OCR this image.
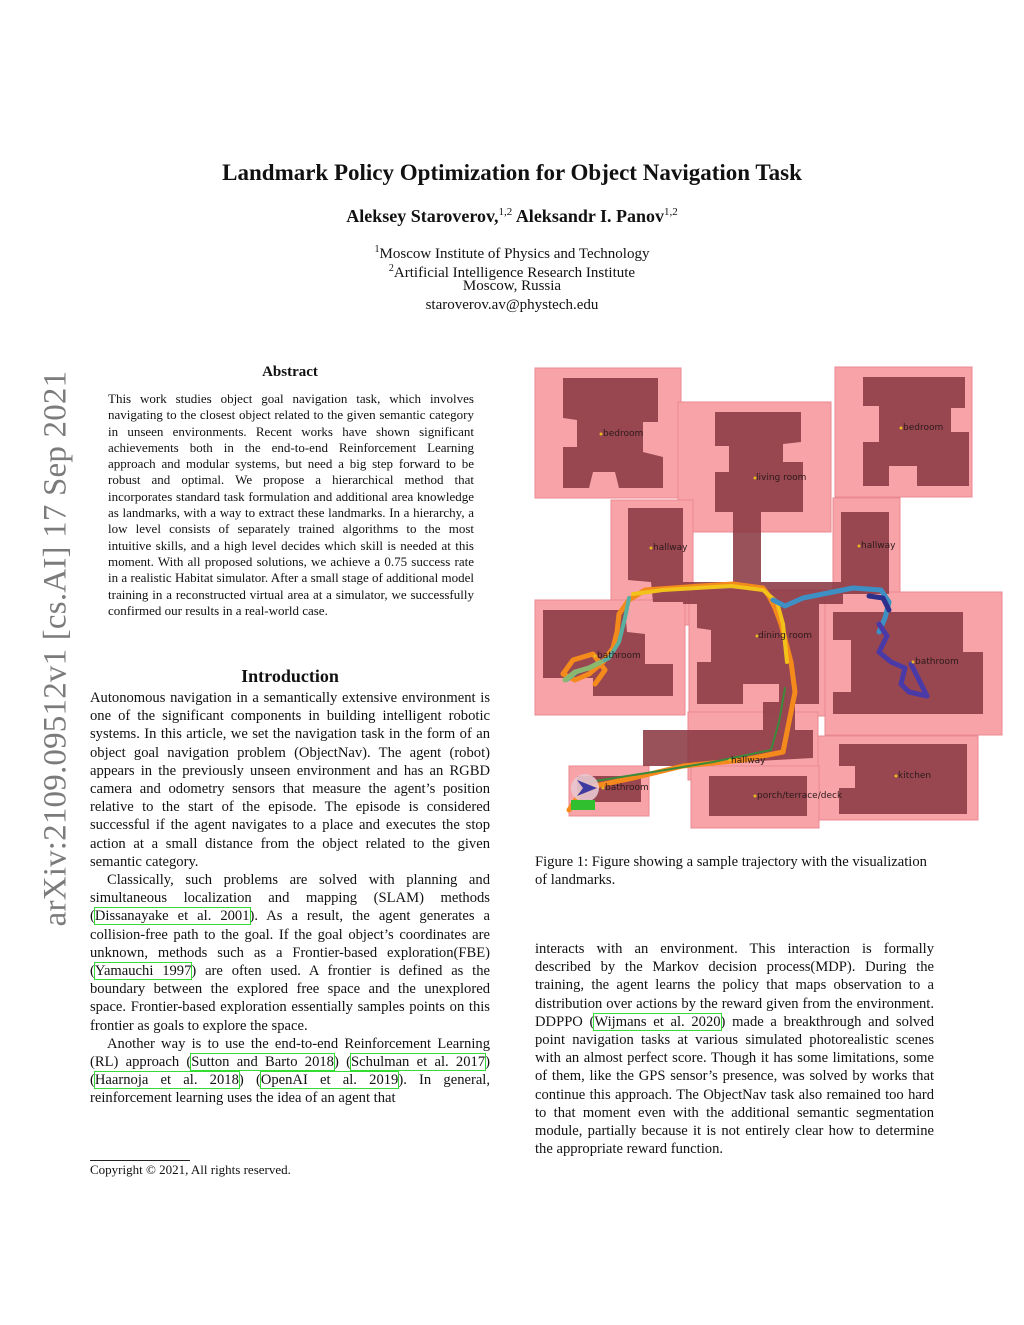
arXiv:2109.09512v1 [cs.AI] 17 Sep 2021
Landmark Policy Optimization for Object Navigation Task
Aleksey Staroverov,$^{1,2}$ Aleksandr I. Panov$^{1,2}$
$^1$Moscow Institute of Physics and Technology
$^2$Artificial Intelligence Research Institute
Moscow, Russia
staroverov.av@phystech.edu
Abstract
This work studies object goal navigation task, which involves navigating to the closest object related to the given semantic category in unseen environments. Recent works have shown significant achievements both in the end-to-end Reinforcement Learning approach and modular systems, but need a big step forward to be robust and optimal. We propose a hierarchical method that incorporates standard task formulation and additional area knowledge as landmarks, with a way to extract these landmarks. In a hierarchy, a low level consists of separately trained algorithms to the most intuitive skills, and a high level decides which skill is needed at this moment. With all proposed solutions, we achieve a 0.75 success rate in a realistic Habitat simulator. After a small stage of additional model training in a reconstructed virtual area at a simulator, we successfully confirmed our results in a real-world case.
Introduction

Autonomous navigation in a semantically extensive environment is one of the significant components in building intelligent robotic systems. In this article, we set the navigation task in the form of an object goal navigation problem (ObjectNav). The agent (robot) appears in the previously unseen environment and has an RGBD camera and odometry sensors that measure the agent’s position relative to the start of the episode. The episode is considered successful if the agent navigates to a place and executes the stop action at a small distance from the object related to the given semantic category.

Classically, such problems are solved with planning and simultaneous localization and mapping (SLAM) methods (Dissanayake et al. 2001). As a result, the agent generates a collision-free path to the goal. If the goal object’s coordinates are unknown, methods such as a Frontier-based exploration(FBE) (Yamauchi 1997) are often used. A frontier is defined as the boundary between the explored free space and the unexplored space. Frontier-based exploration essentially samples points on this frontier as goals to explore the space.

Another way is to use the end-to-end Reinforcement Learning (RL) approach (Sutton and Barto 2018) (Schulman et al. 2017) (Haarnoja et al. 2018) (OpenAI et al. 2019). In general, reinforcement learning uses the idea of an agent that

Copyright © 2021, All rights reserved.
bedroom
living room
bedroom
hallway	hallway
dining room
bathroom
bathroom
hallway
kitchen
bathroom
porch/terrace/deck
Figure 1: Figure showing a sample trajectory with the visualization of landmarks.

interacts with an environment. This interaction is formally described by the Markov decision process(MDP). During the training, the agent learns the policy that maps observation to a distribution over actions by the reward given from the environment. DDPPO (Wijmans et al. 2020) made a breakthrough and solved point navigation tasks at various simulated photorealistic scenes with an almost perfect score. Though it has some limitations, some of them, like the GPS sensor’s presence, was solved by works that continue this approach. The ObjectNav task also remained too hard to that moment even with the additional semantic segmentation module, partially because it is not entirely clear how to determine the appropriate reward function.
